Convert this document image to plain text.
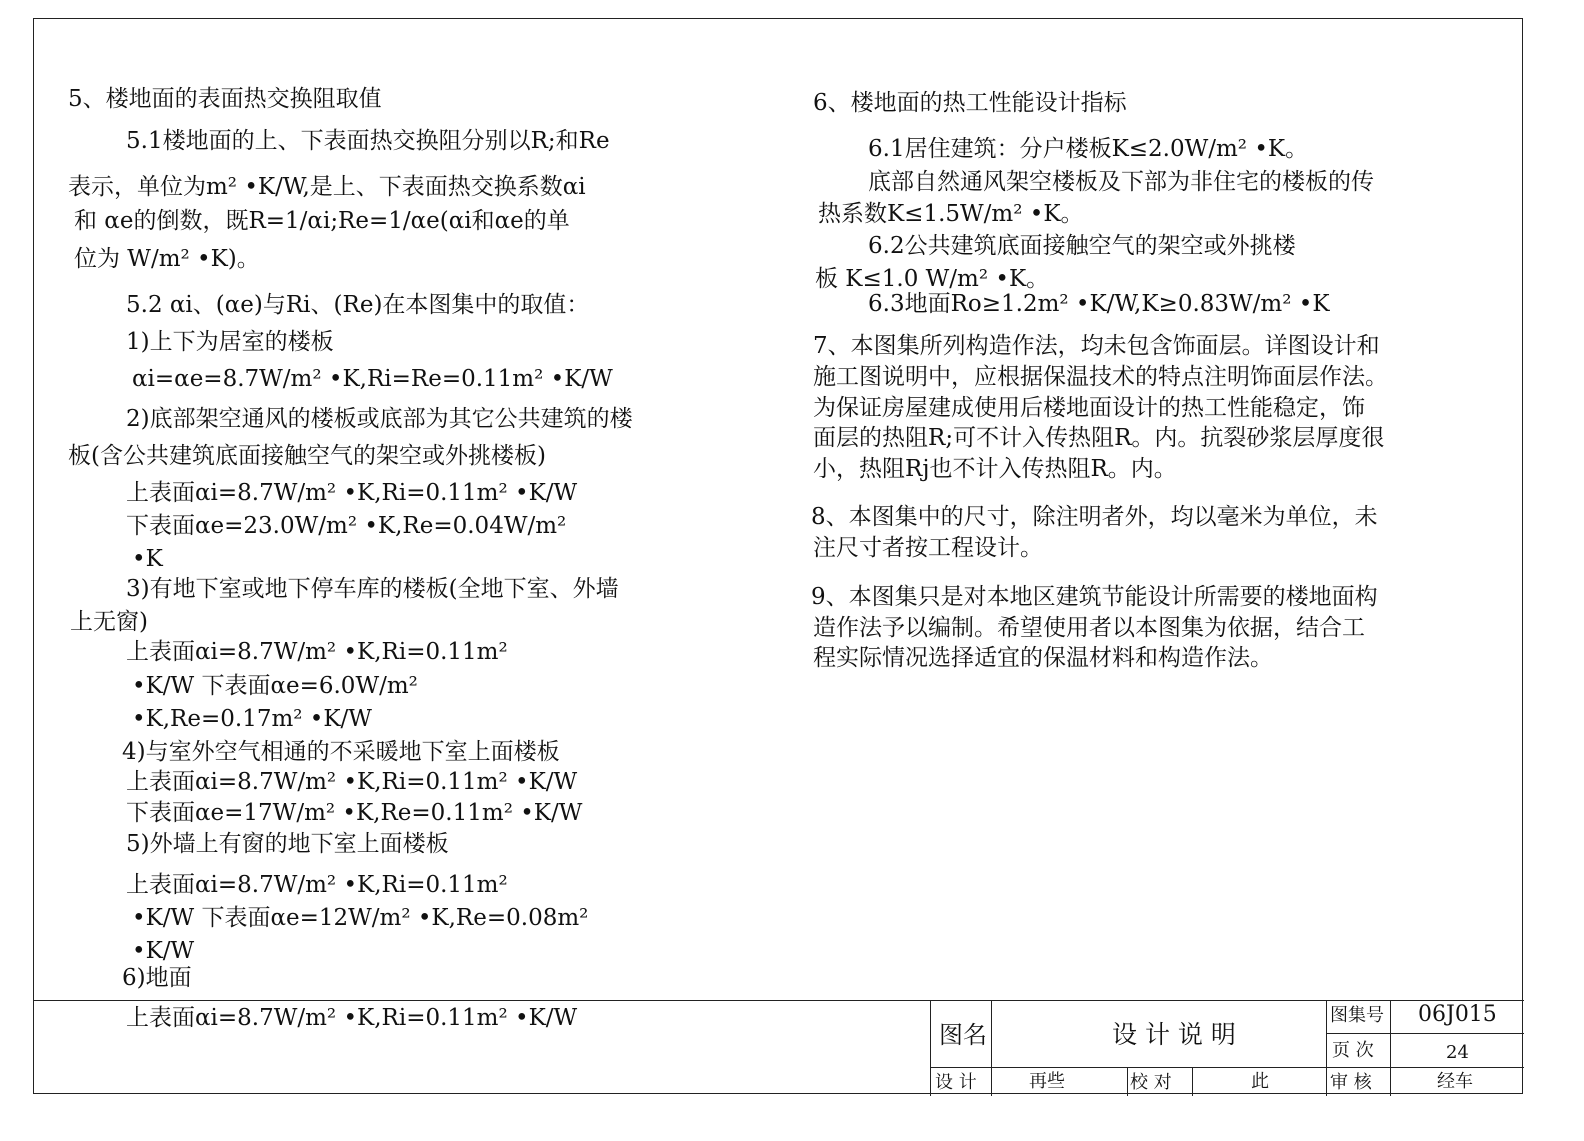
5、楼地面的表面热交换阻取值
5.1楼地面的上、下表面热交换阻分别以R;和Re
表示，单位为m² •K/W,是上、下表面热交换系数αi
和 αe的倒数，既R=1/αi;Re=1/αe(αi和αe的单
位为 W/m² •K)。
5.2 αi、(αe)与Ri、(Re)在本图集中的取值：
1)上下为居室的楼板
αi=αe=8.7W/m² •K,Ri=Re=0.11m² •K/W
2)底部架空通风的楼板或底部为其它公共建筑的楼
板(含公共建筑底面接触空气的架空或外挑楼板)
上表面αi=8.7W/m² •K,Ri=0.11m² •K/W
下表面αe=23.0W/m² •K,Re=0.04W/m²
•K
3)有地下室或地下停车库的楼板(全地下室、外墙
上无窗)
上表面αi=8.7W/m² •K,Ri=0.11m²
•K/W 下表面αe=6.0W/m²
•K,Re=0.17m² •K/W
4)与室外空气相通的不采暖地下室上面楼板
上表面αi=8.7W/m² •K,Ri=0.11m² •K/W
下表面αe=17W/m² •K,Re=0.11m² •K/W
5)外墙上有窗的地下室上面楼板
上表面αi=8.7W/m² •K,Ri=0.11m²
•K/W 下表面αe=12W/m² •K,Re=0.08m²
•K/W
6)地面
上表面αi=8.7W/m² •K,Ri=0.11m² •K/W
6、楼地面的热工性能设计指标
6.1居住建筑：分户楼板K≤2.0W/m² •K。
底部自然通风架空楼板及下部为非住宅的楼板的传
热系数K≤1.5W/m² •K。
6.2公共建筑底面接触空气的架空或外挑楼
板 K≤1.0 W/m² •K。
6.3地面Ro≥1.2m² •K/W,K≥0.83W/m² •K
7、本图集所列构造作法，均未包含饰面层。详图设计和
施工图说明中，应根据保温技术的特点注明饰面层作法。
为保证房屋建成使用后楼地面设计的热工性能稳定，饰
面层的热阻R;可不计入传热阻R。内。抗裂砂浆层厚度很
小，热阻Rj也不计入传热阻R。内。
8、本图集中的尺寸，除注明者外，均以毫米为单位，未
注尺寸者按工程设计。
9、本图集只是对本地区建筑节能设计所需要的楼地面构
造作法予以编制。希望使用者以本图集为依据，结合工
程实际情况选择适宜的保温材料和构造作法。
图名	设 计 说 明
图集号 06J015
页 次	24
设 计	再些	校 对	此	审 核	经车
